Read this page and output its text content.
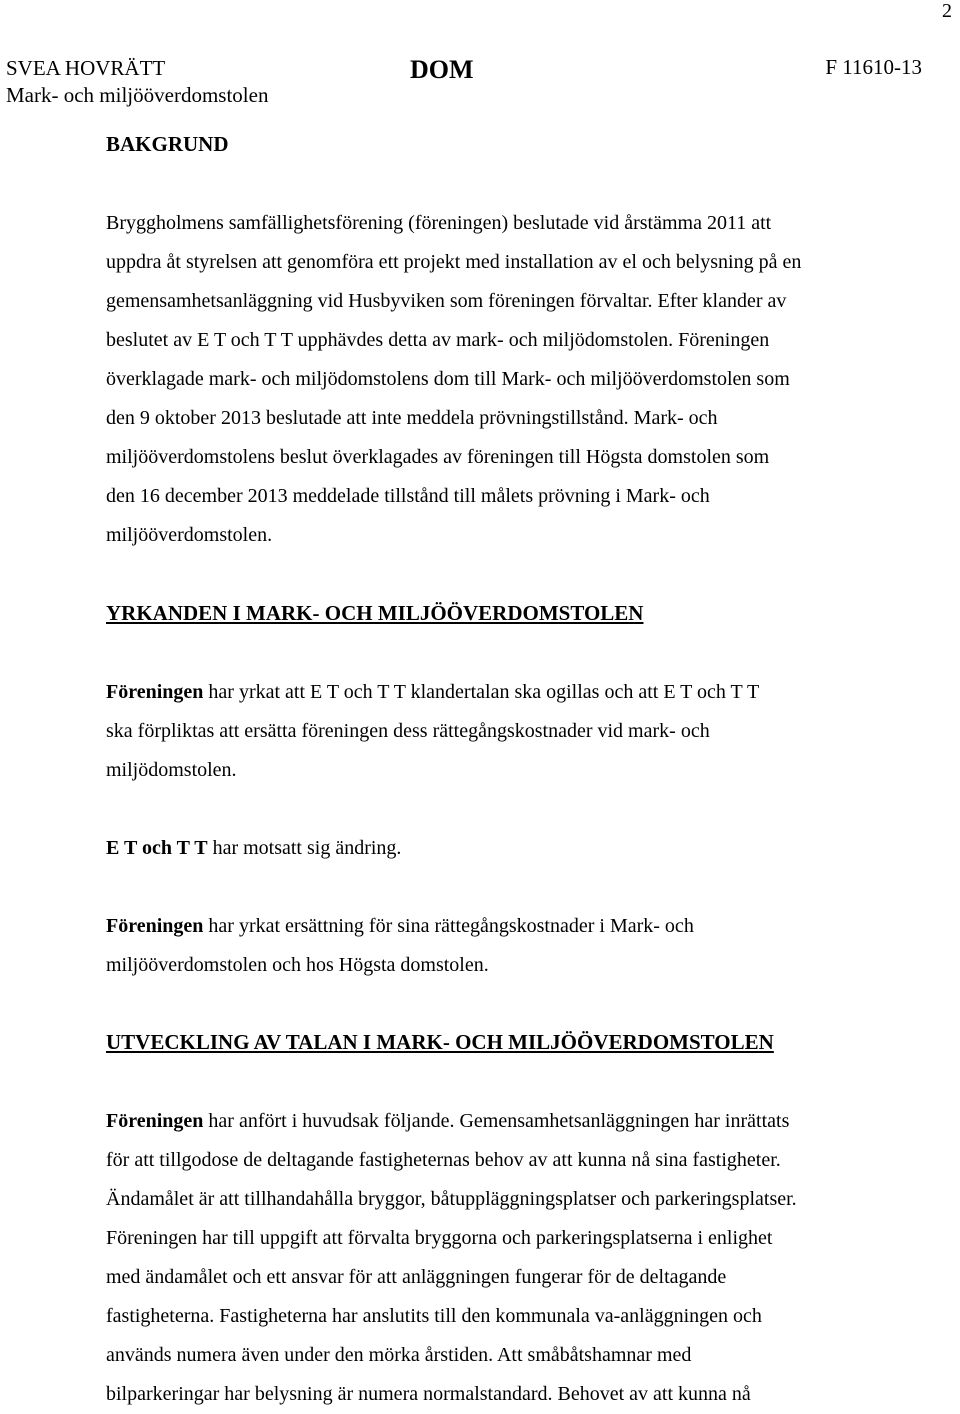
2
SVEA HOVRÄTT
Mark- och miljööverdomstolen
DOM	F 11610-13
BAKGRUND
Bryggholmens samfällighetsförening (föreningen) beslutade vid årstämma 2011 att
uppdra åt styrelsen att genomföra ett projekt med installation av el och belysning på en
gemensamhetsanläggning vid Husbyviken som föreningen förvaltar. Efter klander av
beslutet av E T och T T upphävdes detta av mark- och miljödomstolen. Föreningen
överklagade mark- och miljödomstolens dom till Mark- och miljööverdomstolen som
den 9 oktober 2013 beslutade att inte meddela prövningstillstånd. Mark- och
miljööverdomstolens beslut överklagades av föreningen till Högsta domstolen som
den 16 december 2013 meddelade tillstånd till målets prövning i Mark- och
miljööverdomstolen.
YRKANDEN I MARK- OCH MILJÖÖVERDOMSTOLEN
Föreningen har yrkat att E T och T T klandertalan ska ogillas och att E T och T T
ska förpliktas att ersätta föreningen dess rättegångskostnader vid mark- och
miljödomstolen.
E T och T T har motsatt sig ändring.
Föreningen har yrkat ersättning för sina rättegångskostnader i Mark- och
miljööverdomstolen och hos Högsta domstolen.
UTVECKLING AV TALAN I MARK- OCH MILJÖÖVERDOMSTOLEN
Föreningen har anfört i huvudsak följande. Gemensamhetsanläggningen har inrättats
för att tillgodose de deltagande fastigheternas behov av att kunna nå sina fastigheter.
Ändamålet är att tillhandahålla bryggor, båtuppläggningsplatser och parkeringsplatser.
Föreningen har till uppgift att förvalta bryggorna och parkeringsplatserna i enlighet
med ändamålet och ett ansvar för att anläggningen fungerar för de deltagande
fastigheterna. Fastigheterna har anslutits till den kommunala va-anläggningen och
används numera även under den mörka årstiden. Att småbåtshamnar med
bilparkeringar har belysning är numera normalstandard. Behovet av att kunna nå
